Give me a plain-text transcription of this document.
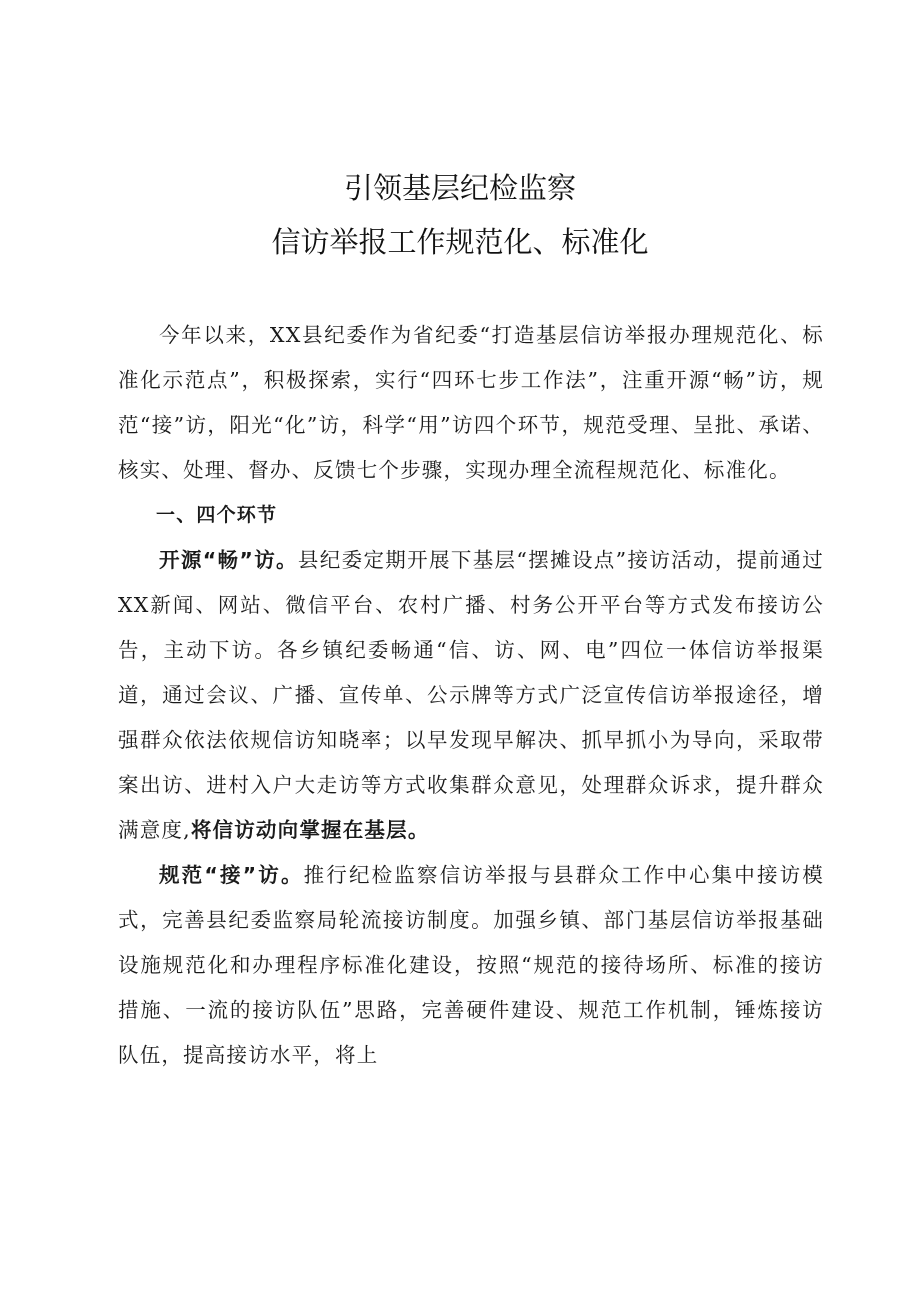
引领基层纪检监察
信访举报工作规范化、标准化

今年以来，XX县纪委作为省纪委“打造基层信访举报办理规范化、标准化示范点”，积极探索，实行“四环七步工作法”，注重开源“畅”访，规范“接”访，阳光“化”访，科学“用”访四个环节，规范受理、呈批、承诺、核实、处理、督办、反馈七个步骤，实现办理全流程规范化、标准化。

一、四个环节

开源“畅”访。县纪委定期开展下基层“摆摊设点”接访活动，提前通过XX新闻、网站、微信平台、农村广播、村务公开平台等方式发布接访公告，主动下访。各乡镇纪委畅通“信、访、网、电”四位一体信访举报渠道，通过会议、广播、宣传单、公示牌等方式广泛宣传信访举报途径，增强群众依法依规信访知晓率；以早发现早解决、抓早抓小为导向，采取带案出访、进村入户大走访等方式收集群众意见，处理群众诉求，提升群众满意度,将信访动向掌握在基层。

规范“接”访。推行纪检监察信访举报与县群众工作中心集中接访模式，完善县纪委监察局轮流接访制度。加强乡镇、部门基层信访举报基础设施规范化和办理程序标准化建设，按照“规范的接待场所、标准的接访措施、一流的接访队伍”思路，完善硬件建设、规范工作机制，锤炼接访队伍，提高接访水平，将上
